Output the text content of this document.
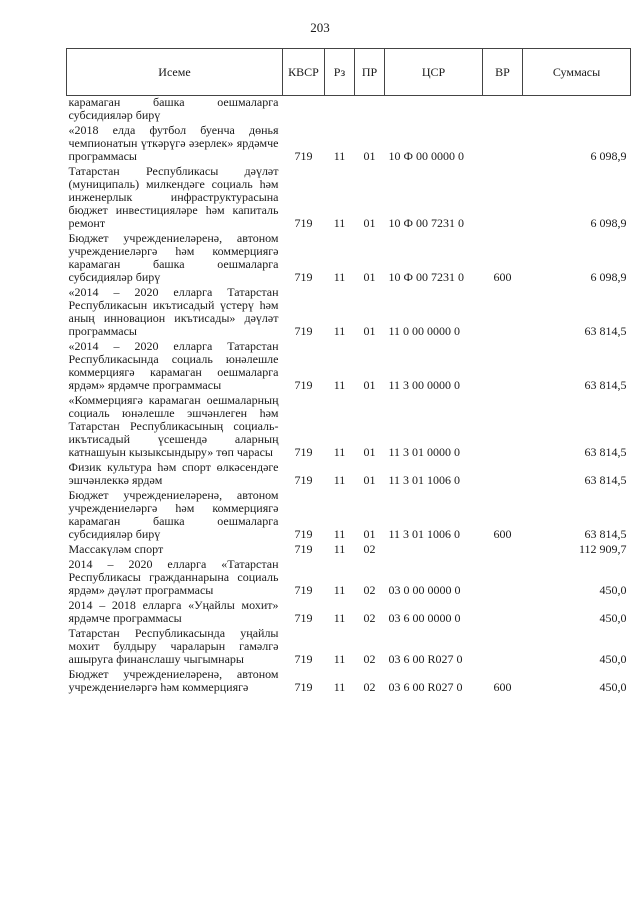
203
Исеме	КВСР	Рз	ПР	ЦСР	ВР	Суммасы
карамаган башка оешмаларга субсидияләр бирү						
«2018 елда футбол буенча дөнья чемпионатын үткәрүгә әзерлек» ярдәмче программасы	719	11	01	10 Ф 00 0000 0		6 098,9
Татарстан Республикасы дәүләт (муниципаль) милкендәге социаль һәм инженерлык инфраструктурасына бюджет инвестицияләре һәм капиталь ремонт	719	11	01	10 Ф 00 7231 0		6 098,9
Бюджет учреждениеләренә, автоном учреждениеләргә һәм коммерциягә карамаган башка оешмаларга субсидияләр бирү	719	11	01	10 Ф 00 7231 0	600	6 098,9
«2014 – 2020 елларга Татарстан Республикасын икътисадый үстерү һәм аның инновацион икътисады» дәүләт программасы	719	11	01	11 0 00 0000 0		63 814,5
«2014 – 2020 елларга Татарстан Республикасында социаль юнәлешле коммерциягә карамаган оешмаларга ярдәм» ярдәмче программасы	719	11	01	11 3 00 0000 0		63 814,5
«Коммерциягә карамаган оешмаларның социаль юнәлешле эшчәнлеген һәм Татарстан Республикасының социаль-икътисадый үсешендә аларның катнашуын кызыксындыру» төп чарасы	719	11	01	11 3 01 0000 0		63 814,5
Физик культура һәм спорт өлкәсендәге эшчәнлеккә ярдәм	719	11	01	11 3 01 1006 0		63 814,5
Бюджет учреждениеләренә, автоном учреждениеләргә һәм коммерциягә карамаган башка оешмаларга субсидияләр бирү	719	11	01	11 3 01 1006 0	600	63 814,5
Массакүләм спорт	719	11	02			112 909,7
2014 – 2020 елларга «Татарстан Республикасы гражданнарына социаль ярдәм» дәүләт программасы	719	11	02	03 0 00 0000 0		450,0
2014 – 2018 елларга «Уңайлы мохит» ярдәмче программасы	719	11	02	03 6 00 0000 0		450,0
Татарстан Республикасында уңайлы мохит булдыру чараларын гамәлгә ашыруга финанслашу чыгымнары	719	11	02	03 6 00 R027 0		450,0
Бюджет учреждениеләренә, автоном учреждениеләргә һәм коммерциягә	719	11	02	03 6 00 R027 0	600	450,0
